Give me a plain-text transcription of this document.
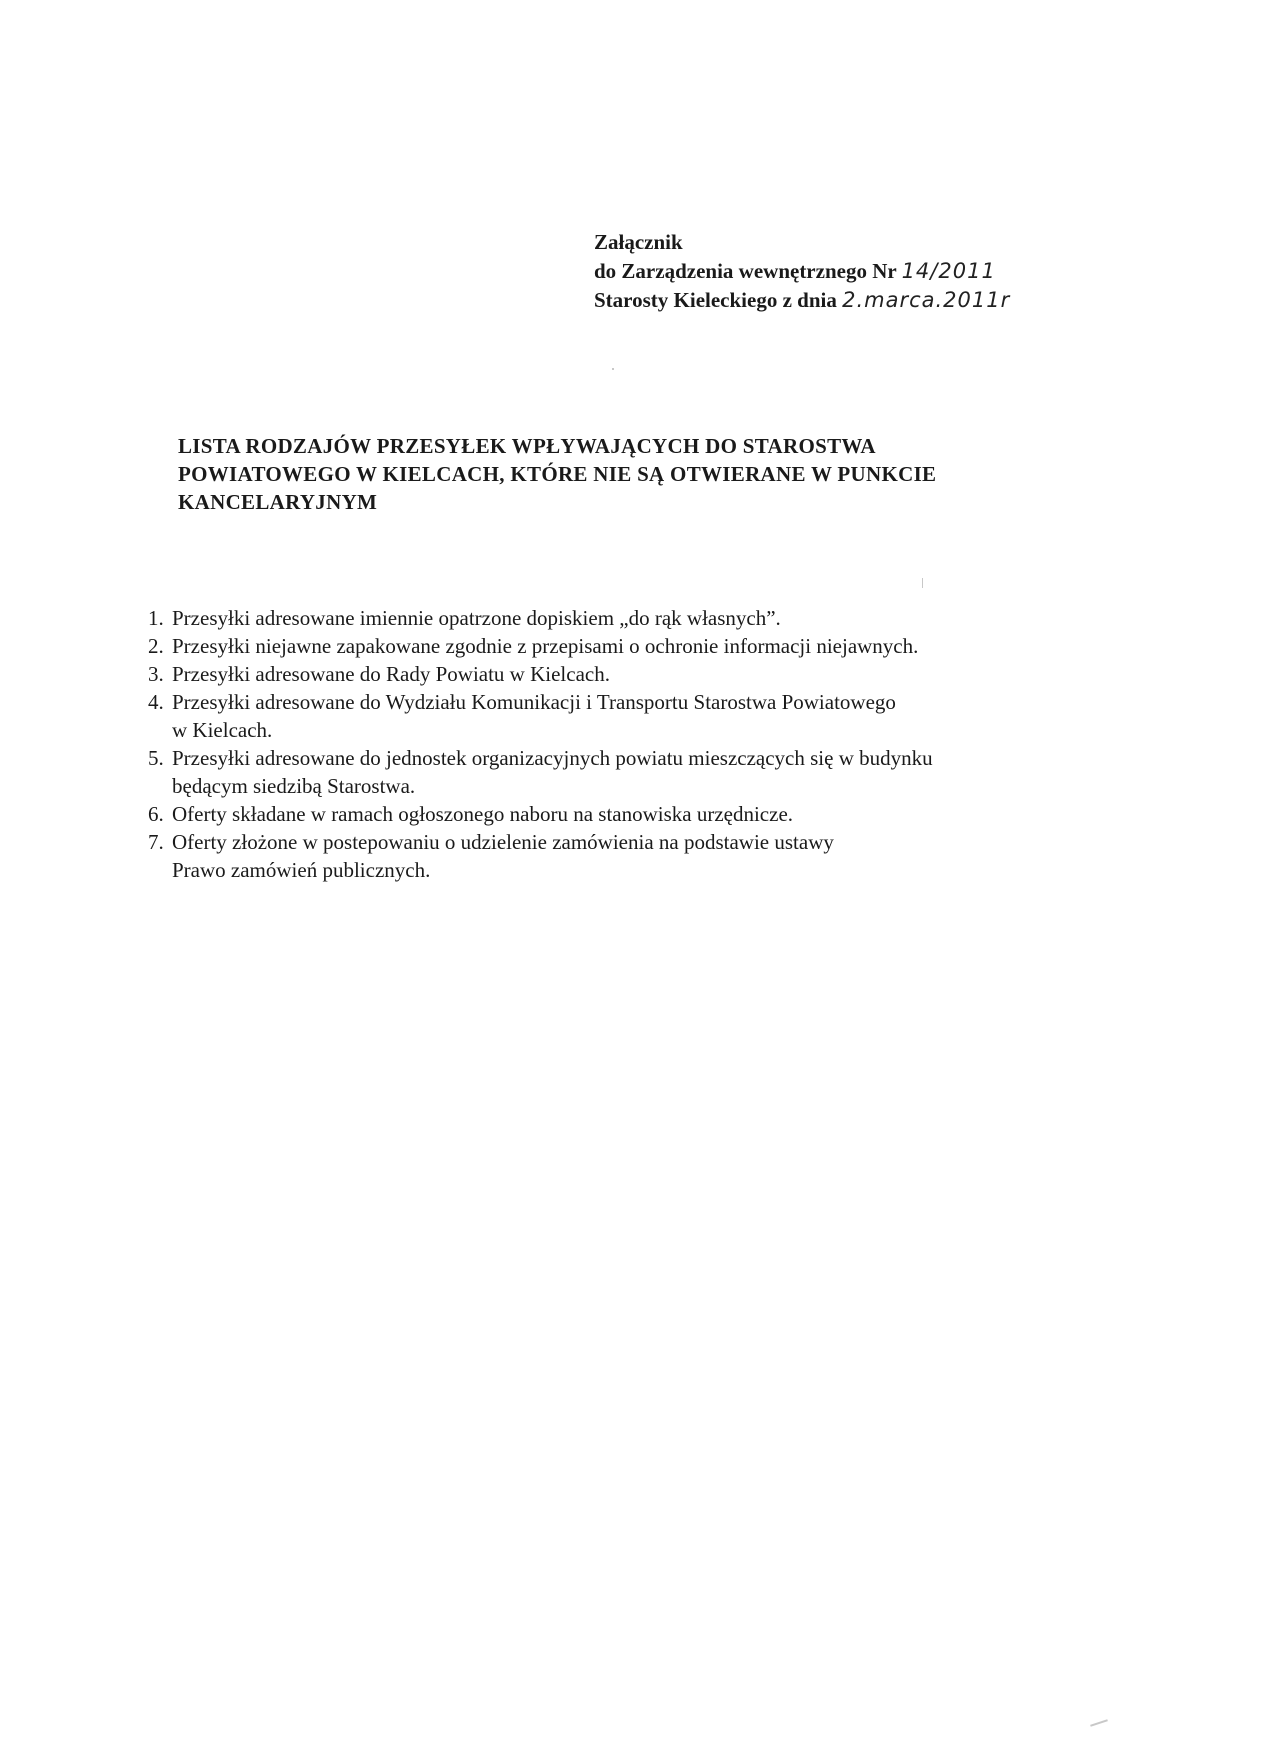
Załącznik
do Zarządzenia wewnętrznego Nr 14/2011
Starosty Kieleckiego z dnia 2.marca.2011r
LISTA RODZAJÓW PRZESYŁEK WPŁYWAJĄCYCH DO STAROSTWA
POWIATOWEGO W KIELCACH, KTÓRE NIE SĄ OTWIERANE W PUNKCIE
KANCELARYJNYM
1. Przesyłki adresowane imiennie opatrzone dopiskiem „do rąk własnych”.
2. Przesyłki niejawne zapakowane zgodnie z przepisami o ochronie informacji niejawnych.
3. Przesyłki adresowane do Rady Powiatu w Kielcach.
4. Przesyłki adresowane do Wydziału Komunikacji i Transportu Starostwa Powiatowego
w Kielcach.
5. Przesyłki adresowane do jednostek organizacyjnych powiatu mieszczących się w budynku
będącym siedzibą Starostwa.
6. Oferty składane w ramach ogłoszonego naboru na stanowiska urzędnicze.
7. Oferty złożone w postepowaniu o udzielenie zamówienia na podstawie ustawy
Prawo zamówień publicznych.
